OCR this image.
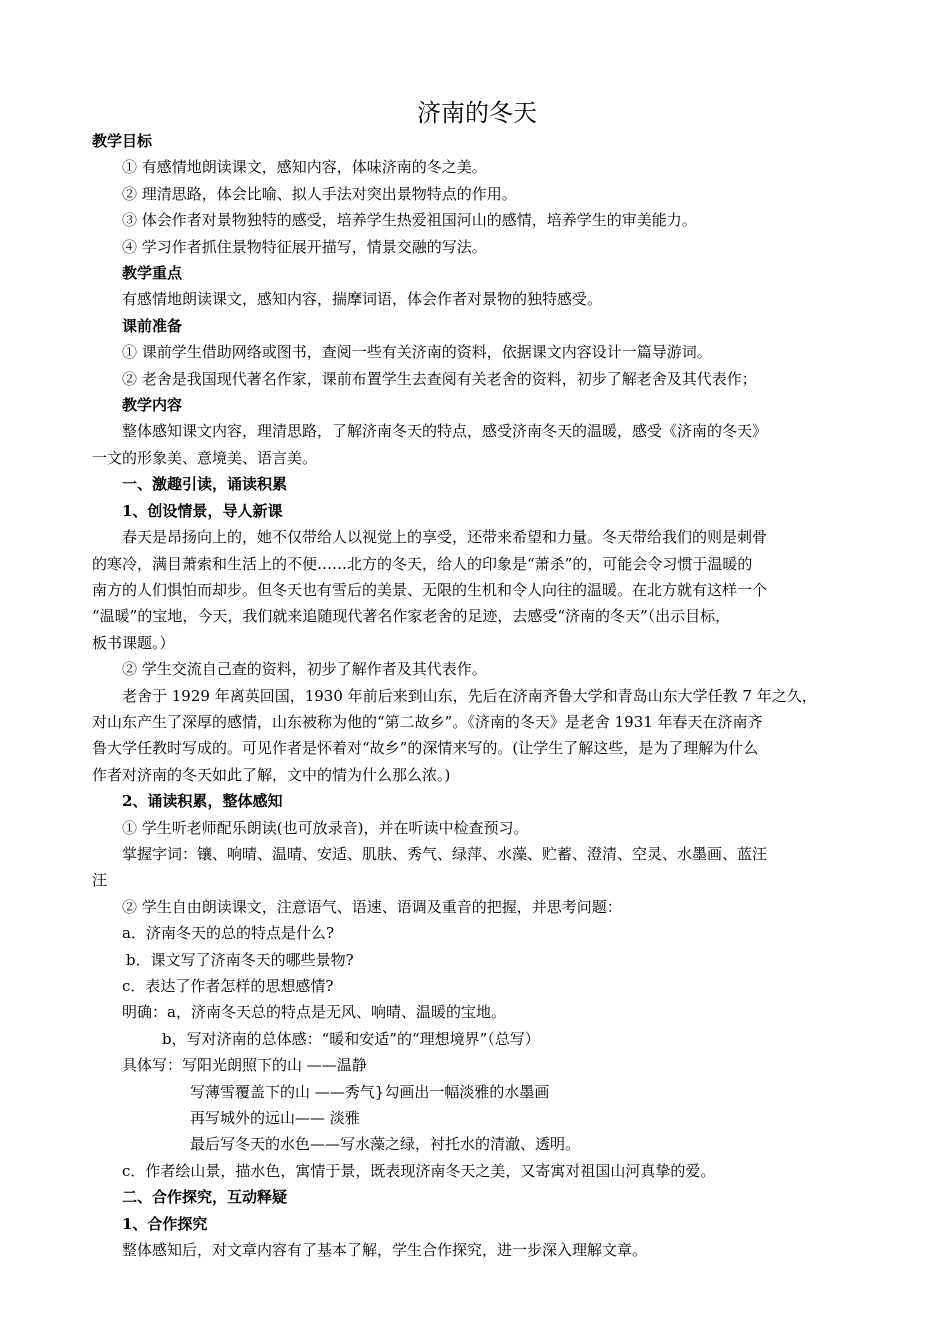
济南的冬天
教学目标
① 有感情地朗读课文，感知内容，体味济南的冬之美。
② 理清思路，体会比喻、拟人手法对突出景物特点的作用。
③ 体会作者对景物独特的感受，培养学生热爱祖国河山的感情，培养学生的审美能力。
④ 学习作者抓住景物特征展开描写，情景交融的写法。
教学重点
有感情地朗读课文，感知内容，揣摩词语，体会作者对景物的独特感受。
课前准备
① 课前学生借助网络或图书，查阅一些有关济南的资料，依据课文内容设计一篇导游词。
② 老舍是我国现代著名作家，课前布置学生去查阅有关老舍的资料，初步了解老舍及其代表作；
教学内容
整体感知课文内容，理清思路，了解济南冬天的特点，感受济南冬天的温暖，感受《济南的冬天》
一文的形象美、意境美、语言美。
一、激趣引读，诵读积累
1、创设情景，导人新课
春天是昂扬向上的，她不仅带给人以视觉上的享受，还带来希望和力量。冬天带给我们的则是刺骨
的寒冷，满目萧索和生活上的不便……北方的冬天，给人的印象是“萧杀”的，可能会令习惯于温暖的
南方的人们惧怕而却步。但冬天也有雪后的美景、无限的生机和令人向往的温暖。在北方就有这样一个
“温暖”的宝地，今天，我们就来追随现代著名作家老舍的足迹，去感受“济南的冬天”（出示目标，
板书课题。）
② 学生交流自己查的资料，初步了解作者及其代表作。
老舍于 1929 年离英回国，1930 年前后来到山东，先后在济南齐鲁大学和青岛山东大学任教 7 年之久，
对山东产生了深厚的感情，山东被称为他的“第二故乡”。《济南的冬天》是老舍 1931 年春天在济南齐
鲁大学任教时写成的。可见作者是怀着对“故乡”的深情来写的。(让学生了解这些，是为了理解为什么
作者对济南的冬天如此了解，文中的情为什么那么浓。)
2、诵读积累，整体感知
① 学生听老师配乐朗读(也可放录音)，并在听读中检查预习。
掌握字词：镶、响晴、温晴、安适、肌肤、秀气、绿萍、水藻、贮蓄、澄清、空灵、水墨画、蓝汪
汪
② 学生自由朗读课文，注意语气、语速、语调及重音的把握，并思考问题：
a．济南冬天的总的特点是什么?
b．课文写了济南冬天的哪些景物?
c．表达了作者怎样的思想感情?
明确：a，济南冬天总的特点是无风、响晴、温暖的宝地。
b，写对济南的总体感：“暖和安适”的“理想境界”（总写）
具体写：写阳光朗照下的山 ——温静
写薄雪覆盖下的山 ——秀气}勾画出一幅淡雅的水墨画
再写城外的远山—— 淡雅
最后写冬天的水色——写水藻之绿，衬托水的清澈、透明。
c．作者绘山景，描水色，寓情于景，既表现济南冬天之美，又寄寓对祖国山河真挚的爱。
二、合作探究，互动释疑
1、合作探究
整体感知后，对文章内容有了基本了解，学生合作探究，进一步深入理解文章。
